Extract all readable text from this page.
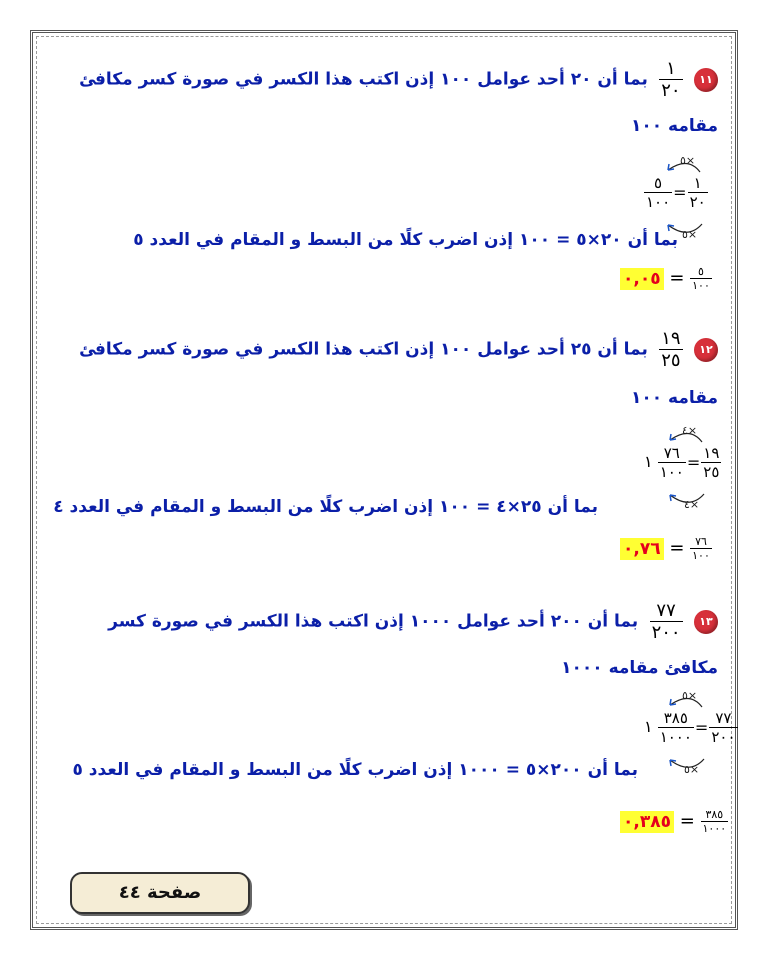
١١
$\frac{١}{٢٠}$
بما أن ٢٠ أحد عوامل ١٠٠ إذن اكتب هذا الكسر في صورة كسر مكافئ
مقامه ١٠٠
٥×
٥×
$\frac{٥}{١٠٠} = \frac{١}{٢٠}$
بما أن ٢٠×٥ = ١٠٠ إذن اضرب كلًا من البسط و المقام في العدد ٥
٠,٠٥ = $\frac{٥}{١٠٠}$
١٢
$\frac{١٩}{٢٥}$
بما أن ٢٥ أحد عوامل ١٠٠ إذن اكتب هذا الكسر في صورة كسر مكافئ
مقامه ١٠٠
٤×
٤×
١ $\frac{٧٦}{١٠٠} = \frac{١٩}{٢٥}$
بما أن ٢٥×٤ = ١٠٠ إذن اضرب كلًا من البسط و المقام في العدد ٤
٠,٧٦ = $\frac{٧٦}{١٠٠}$
١٣
$\frac{٧٧}{٢٠٠}$
بما أن ٢٠٠ أحد عوامل ١٠٠٠ إذن اكتب هذا الكسر في صورة كسر
مكافئ مقامه ١٠٠٠
٥×
٥×
١ $\frac{٣٨٥}{١٠٠٠} = \frac{٧٧}{٢٠٠}$
بما أن ٢٠٠×٥ = ١٠٠٠ إذن اضرب كلًا من البسط و المقام في العدد ٥
٠,٣٨٥ = $\frac{٣٨٥}{١٠٠٠}$
صفحة ٤٤
